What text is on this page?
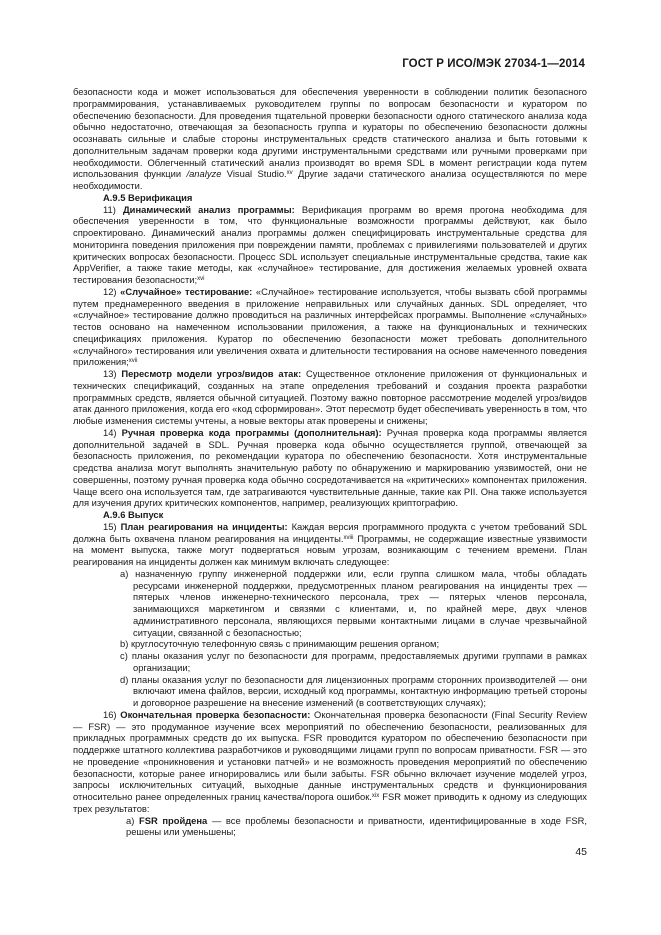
ГОСТ Р ИСО/МЭК 27034-1—2014

безопасности кода и может использоваться для обеспечения уверенности в соблюдении политик безопасного программирования, устанавливаемых руководителем группы по вопросам безопасности и куратором по обеспечению безопасности. Для проведения тщательной проверки безопасности одного статического анализа кода обычно недостаточно, отвечающая за безопасность группа и кураторы по обеспечению безопасности должны осознавать сильные и слабые стороны инструментальных средств статического анализа и быть готовыми к дополнительным задачам проверки кода другими инструментальными средствами или ручными проверками при необходимости. Облегченный статический анализ производят во время SDL в момент регистрации кода путем использования функции /analyze Visual Studio.$^{xv}$ Другие задачи статического анализа осуществляются по мере необходимости.

А.9.5 Верификация

11) Динамический анализ программы: Верификация программ во время прогона необходима для обеспечения уверенности в том, что функциональные возможности программы действуют, как было спроектировано. Динамический анализ программы должен специфицировать инструментальные средства для мониторинга поведения приложения при повреждении памяти, проблемах с привилегиями пользователей и других критических вопросах безопасности. Процесс SDL использует специальные инструментальные средства, такие как AppVerifier, а также такие методы, как «случайное» тестирование, для достижения желаемых уровней охвата тестирования безопасности;$^{xvi}$

12) «Случайное» тестирование: «Случайное» тестирование используется, чтобы вызвать сбой программы путем преднамеренного введения в приложение неправильных или случайных данных. SDL определяет, что «случайное» тестирование должно проводиться на различных интерфейсах программы. Выполнение «случайных» тестов основано на намеченном использовании приложения, а также на функциональных и технических спецификациях приложения. Куратор по обеспечению безопасности может требовать дополнительного «случайного» тестирования или увеличения охвата и длительности тестирования на основе намеченного поведения приложения;$^{xvii}$

13) Пересмотр модели угроз/видов атак: Существенное отклонение приложения от функциональных и технических спецификаций, созданных на этапе определения требований и создания проекта разработки программных средств, является обычной ситуацией. Поэтому важно повторное рассмотрение моделей угроз/видов атак данного приложения, когда его «код сформирован». Этот пересмотр будет обеспечивать уверенность в том, что любые изменения системы учтены, а новые векторы атак проверены и снижены;

14) Ручная проверка кода программы (дополнительная): Ручная проверка кода программы является дополнительной задачей в SDL. Ручная проверка кода обычно осуществляется группой, отвечающей за безопасность приложения, по рекомендации куратора по обеспечению безопасности. Хотя инструментальные средства анализа могут выполнять значительную работу по обнаружению и маркированию уязвимостей, они не совершенны, поэтому ручная проверка кода обычно сосредотачивается на «критических» компонентах приложения. Чаще всего она используется там, где затрагиваются чувствительные данные, такие как PII. Она также используется для изучения других критических компонентов, например, реализующих криптографию.

А.9.6 Выпуск

15) План реагирования на инциденты: Каждая версия программного продукта с учетом требований SDL должна быть охвачена планом реагирования на инциденты.$^{xviii}$ Программы, не содержащие известные уязвимости на момент выпуска, также могут подвергаться новым угрозам, возникающим с течением времени. План реагирования на инциденты должен как минимум включать следующее:

a) назначенную группу инженерной поддержки или, если группа слишком мала, чтобы обладать ресурсами инженерной поддержки, предусмотренных планом реагирования на инциденты трех — пятерых членов инженерно-технического персонала, трех — пятерых членов персонала, занимающихся маркетингом и связями с клиентами, и, по крайней мере, двух членов административного персонала, являющихся первыми контактными лицами в случае чрезвычайной ситуации, связанной с безопасностью;

b) круглосуточную телефонную связь с принимающим решения органом;

c) планы оказания услуг по безопасности для программ, предоставляемых другими группами в рамках организации;

d) планы оказания услуг по безопасности для лицензионных программ сторонних производителей — они включают имена файлов, версии, исходный код программы, контактную информацию третьей стороны и договорное разрешение на внесение изменений (в соответствующих случаях);

16) Окончательная проверка безопасности: Окончательная проверка безопасности (Final Security Review — FSR) — это продуманное изучение всех мероприятий по обеспечению безопасности, реализованных для прикладных программных средств до их выпуска. FSR проводится куратором по обеспечению безопасности при поддержке штатного коллектива разработчиков и руководящими лицами групп по вопросам приватности. FSR — это не проведение «проникновения и установки патчей» и не возможность проведения мероприятий по обеспечению безопасности, которые ранее игнорировались или были забыты. FSR обычно включает изучение моделей угроз, запросы исключительных ситуаций, выходные данные инструментальных средств и функционирования относительно ранее определенных границ качества/порога ошибок.$^{xix}$ FSR может приводить к одному из следующих трех результатов:

a) FSR пройдена — все проблемы безопасности и приватности, идентифицированные в ходе FSR, решены или уменьшены;

45
